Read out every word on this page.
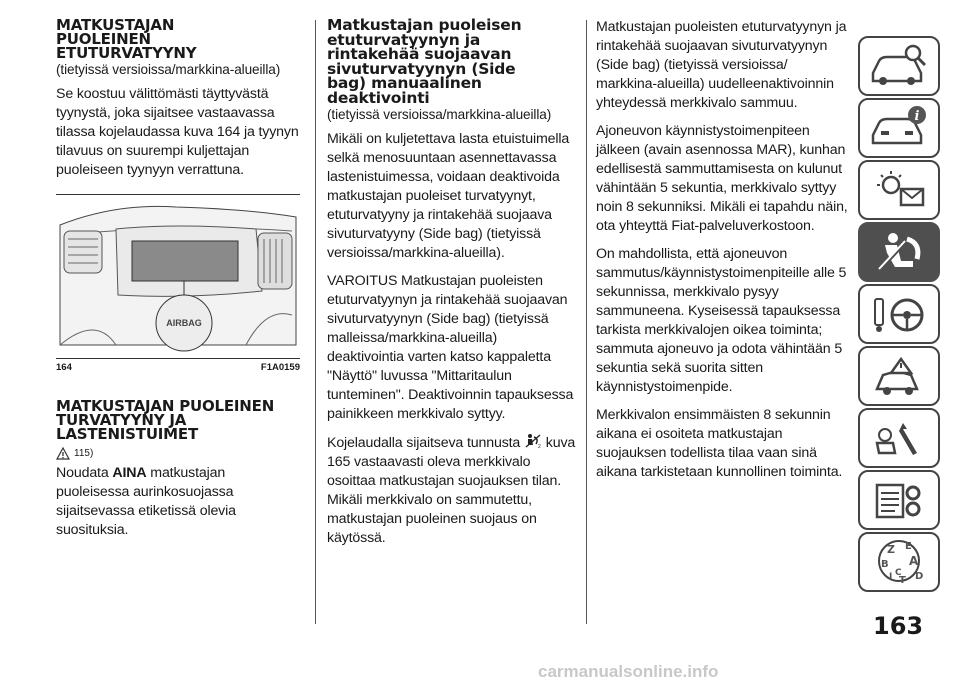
MATKUSTAJAN PUOLEINEN ETUTURVATYYNY
(tietyissä versioissa/markkina-alueilla)

Se koostuu välittömästi täyttyvästä tyynystä, joka sijaitsee vastaavassa tilassa kojelaudassa kuva 164 ja tyynyn tilavuus on suurempi kuljettajan puoleiseen tyynyyn verrattuna.

AIRBAG
164	F1A0159
MATKUSTAJAN PUOLEINEN TURVATYYNY JA LASTENISTUIMET
115)

Noudata AINA matkustajan puoleisessa aurinkosuojassa sijaitsevassa etiketissä olevia suosituksia.

Matkustajan puoleisen etuturvatyynyn ja rintakehää suojaavan sivuturvatyynyn (Side bag) manuaalinen deaktivointi
(tietyissä versioissa/markkina-alueilla)

Mikäli on kuljetettava lasta etuistuimella selkä menosuuntaan asennettavassa lastenistuimessa, voidaan deaktivoida matkustajan puoleiset turvatyynyt, etuturvatyyny ja rintakehää suojaava sivuturvatyyny (Side bag) (tietyissä versioissa/markkina-alueilla).

VAROITUS Matkustajan puoleisten etuturvatyynyn ja rintakehää suojaavan sivuturvatyynyn (Side bag) (tietyissä malleissa/markkina-alueilla) deaktivointia varten katso kappaletta "Näyttö" luvussa "Mittaritaulun tunteminen". Deaktivoinnin tapauksessa painikkeen merkkivalo syttyy.

Kojelaudalla sijaitseva tunnusta	2 kuva 165 vastaavasti oleva merkkivalo osoittaa matkustajan suojauksen tilan. Mikäli merkkivalo on sammutettu, matkustajan puoleinen suojaus on käytössä.

Matkustajan puoleisten etuturvatyynyn ja rintakehää suojaavan sivuturvatyynyn (Side bag) (tietyissä versioissa/ markkina-alueilla) uudelleenaktivoinnin yhteydessä merkkivalo sammuu.

Ajoneuvon käynnistystoimenpiteen jälkeen (avain asennossa MAR), kunhan edellisestä sammuttamisesta on kulunut vähintään 5 sekuntia, merkkivalo syttyy noin 8 sekunniksi. Mikäli ei tapahdu näin, ota yhteyttä Fiat-palveluverkostoon.

On mahdollista, että ajoneuvon sammutus/käynnistystoimenpiteille alle 5 sekunnissa, merkkivalo pysyy sammuneena. Kyseisessä tapauksessa tarkista merkkivalojen oikea toiminta; sammuta ajoneuvo ja odota vähintään 5 sekuntia sekä suorita sitten käynnistystoimenpide.

Merkkivalon ensimmäisten 8 sekunnin aikana ei osoiteta matkustajan suojauksen todellista tilaa vaan sinä aikana tarkistetaan kunnollinen toiminta.

i
Z E
B A
I C
T D
163
carmanualsonline.info
